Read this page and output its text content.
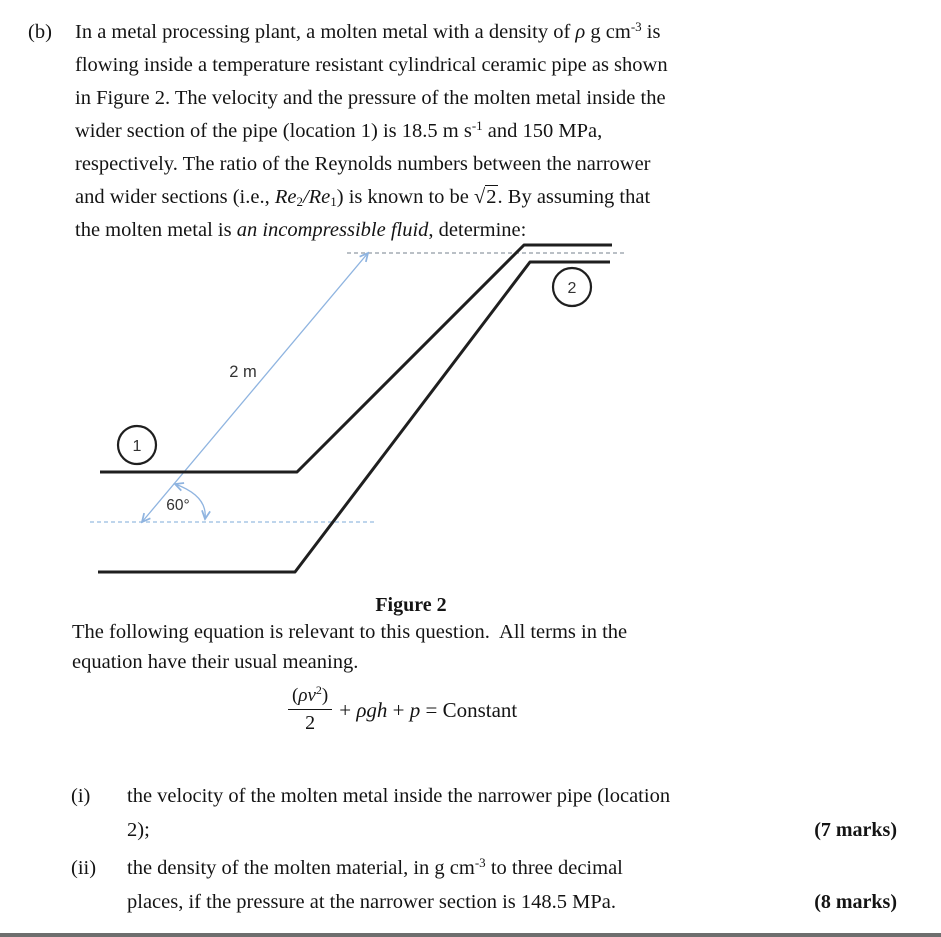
(b)	In a metal processing plant, a molten metal with a density of ρ g $cm^{-3}$ is
flowing inside a temperature resistant cylindrical ceramic pipe as shown
in Figure 2. The velocity and the pressure of the molten metal inside the
wider section of the pipe (location 1) is 18.5 m $s^{-1}$ and 150 MPa,
respectively. The ratio of the Reynolds numbers between the narrower
and wider sections (i.e., $Re_2/Re_1$) is known to be √2. By assuming that
the molten metal is an incompressible fluid, determine:
1
2
2 m
60°
Figure 2
The following equation is relevant to this question.  All terms in the
equation have their usual meaning.
$\frac{(\rho v^2)}{2} + \rho gh + p$ = Constant
(i) the velocity of the molten metal inside the narrower pipe (location
2);	(7 marks)
(ii) the density of the molten material, in g $cm^{-3}$ to three decimal
places, if the pressure at the narrower section is 148.5 MPa.	(8 marks)
